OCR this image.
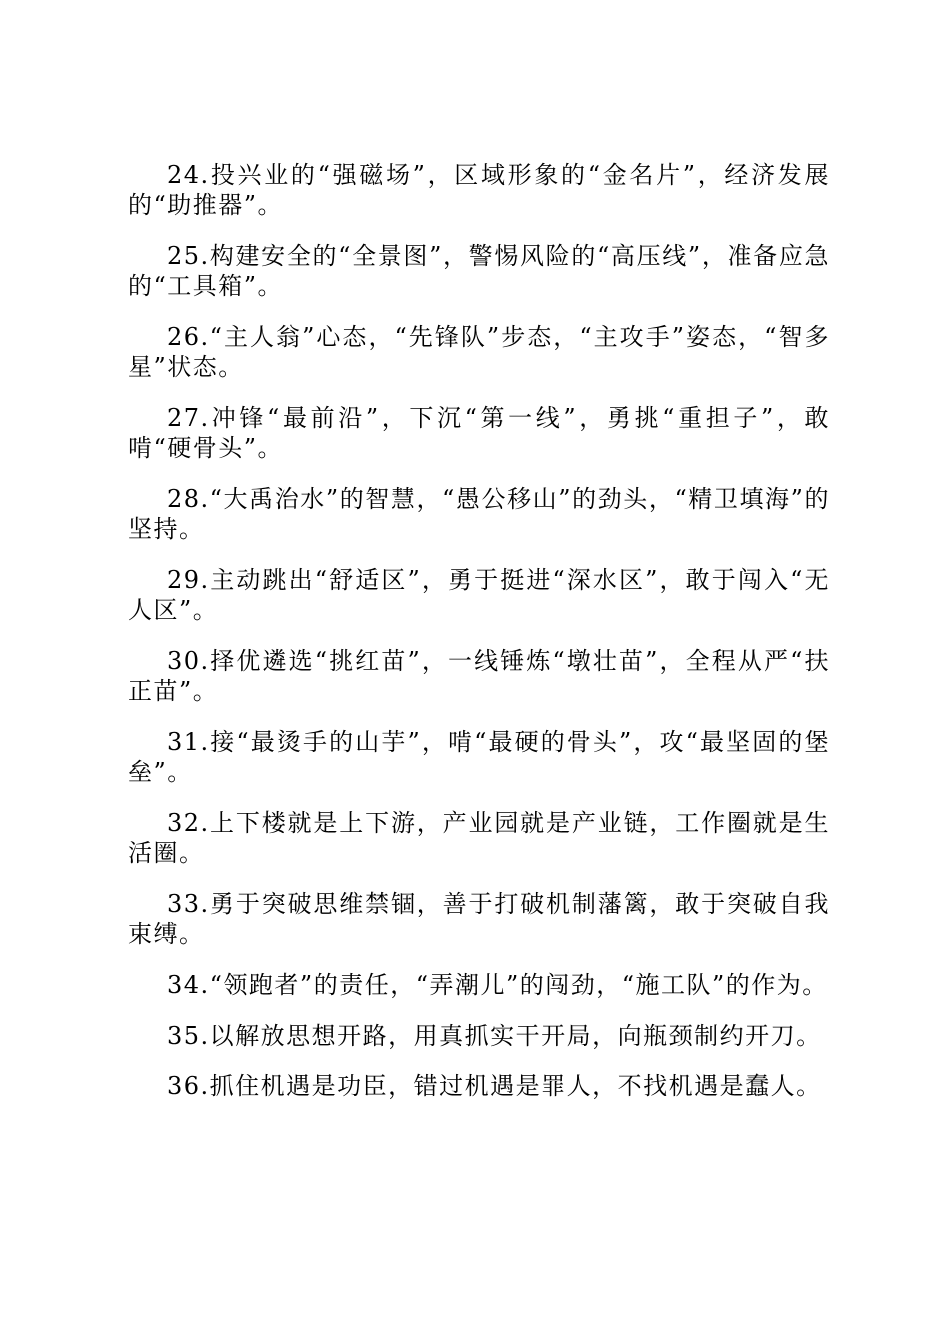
24.投兴业的“强磁场”，区域形象的“金名片”，经济发展的“助推器”。

25.构建安全的“全景图”，警惕风险的“高压线”，准备应急的“工具箱”。

26.“主人翁”心态，“先锋队”步态，“主攻手”姿态，“智多星”状态。

27.冲锋“最前沿”，下沉“第一线”，勇挑“重担子”，敢啃“硬骨头”。

28.“大禹治水”的智慧，“愚公移山”的劲头，“精卫填海”的坚持。

29.主动跳出“舒适区”，勇于挺进“深水区”，敢于闯入“无人区”。

30.择优遴选“挑红苗”，一线锤炼“墩壮苗”，全程从严“扶正苗”。

31.接“最烫手的山芋”，啃“最硬的骨头”，攻“最坚固的堡垒”。

32.上下楼就是上下游，产业园就是产业链，工作圈就是生活圈。

33.勇于突破思维禁锢，善于打破机制藩篱，敢于突破自我束缚。

34.“领跑者”的责任，“弄潮儿”的闯劲，“施工队”的作为。

35.以解放思想开路，用真抓实干开局，向瓶颈制约开刀。

36.抓住机遇是功臣，错过机遇是罪人，不找机遇是蠢人。
